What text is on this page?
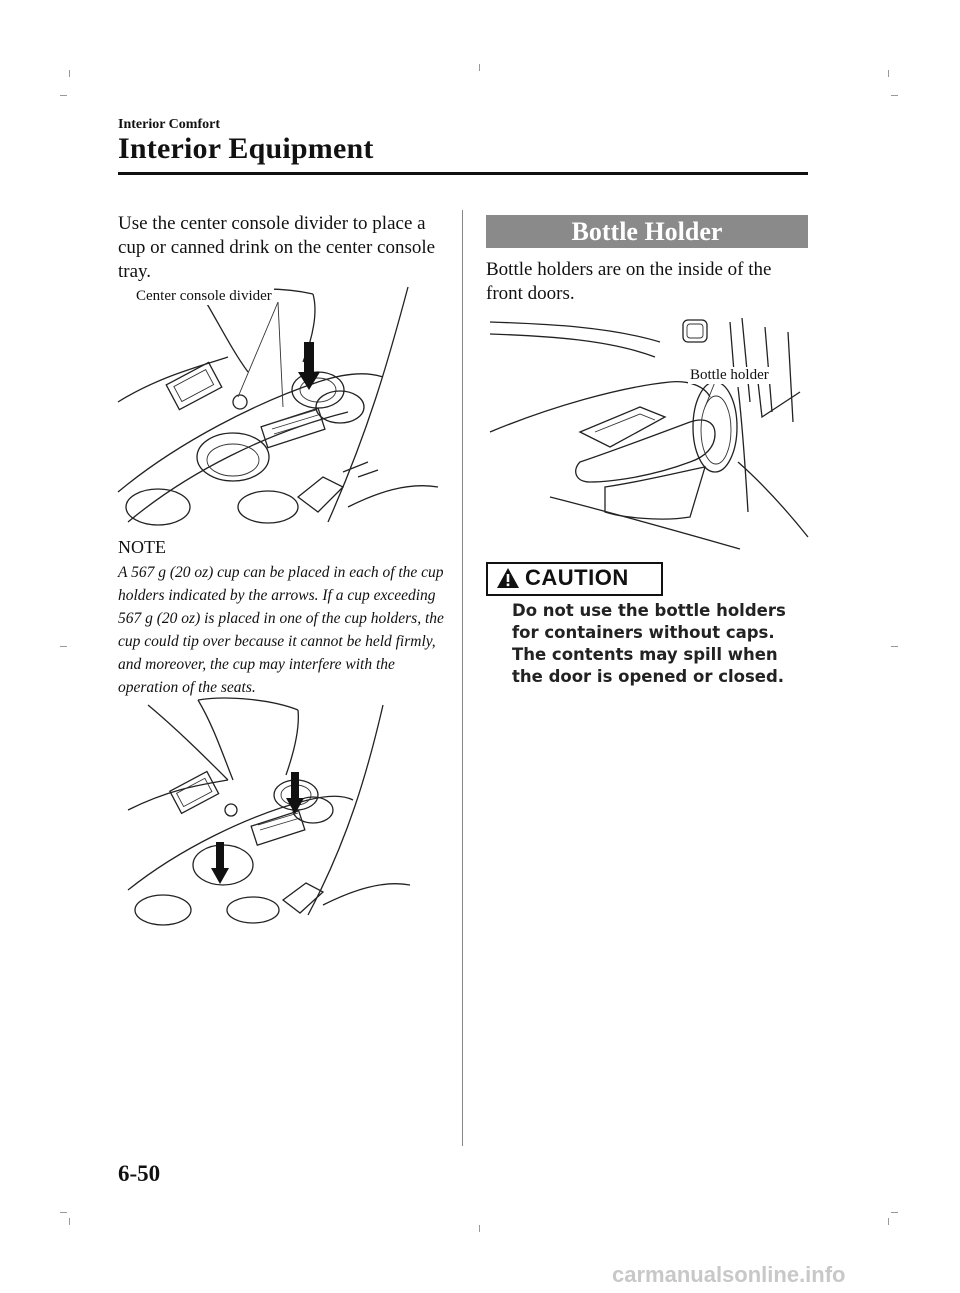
Interior Comfort
Interior Equipment
Use the center console divider to place a cup or canned drink on the center console tray.
Center console divider
NOTE
A 567 g (20 oz) cup can be placed in each of the cup holders indicated by the arrows. If a cup exceeding 567 g (20 oz) is placed in one of the cup holders, the cup could tip over because it cannot be held firmly, and moreover, the cup may interfere with the operation of the seats.
Bottle Holder
Bottle holders are on the inside of the front doors.
Bottle holder
CAUTION
Do not use the bottle holders for containers without caps. The contents may spill when the door is opened or closed.
6-50
carmanualsonline.info
